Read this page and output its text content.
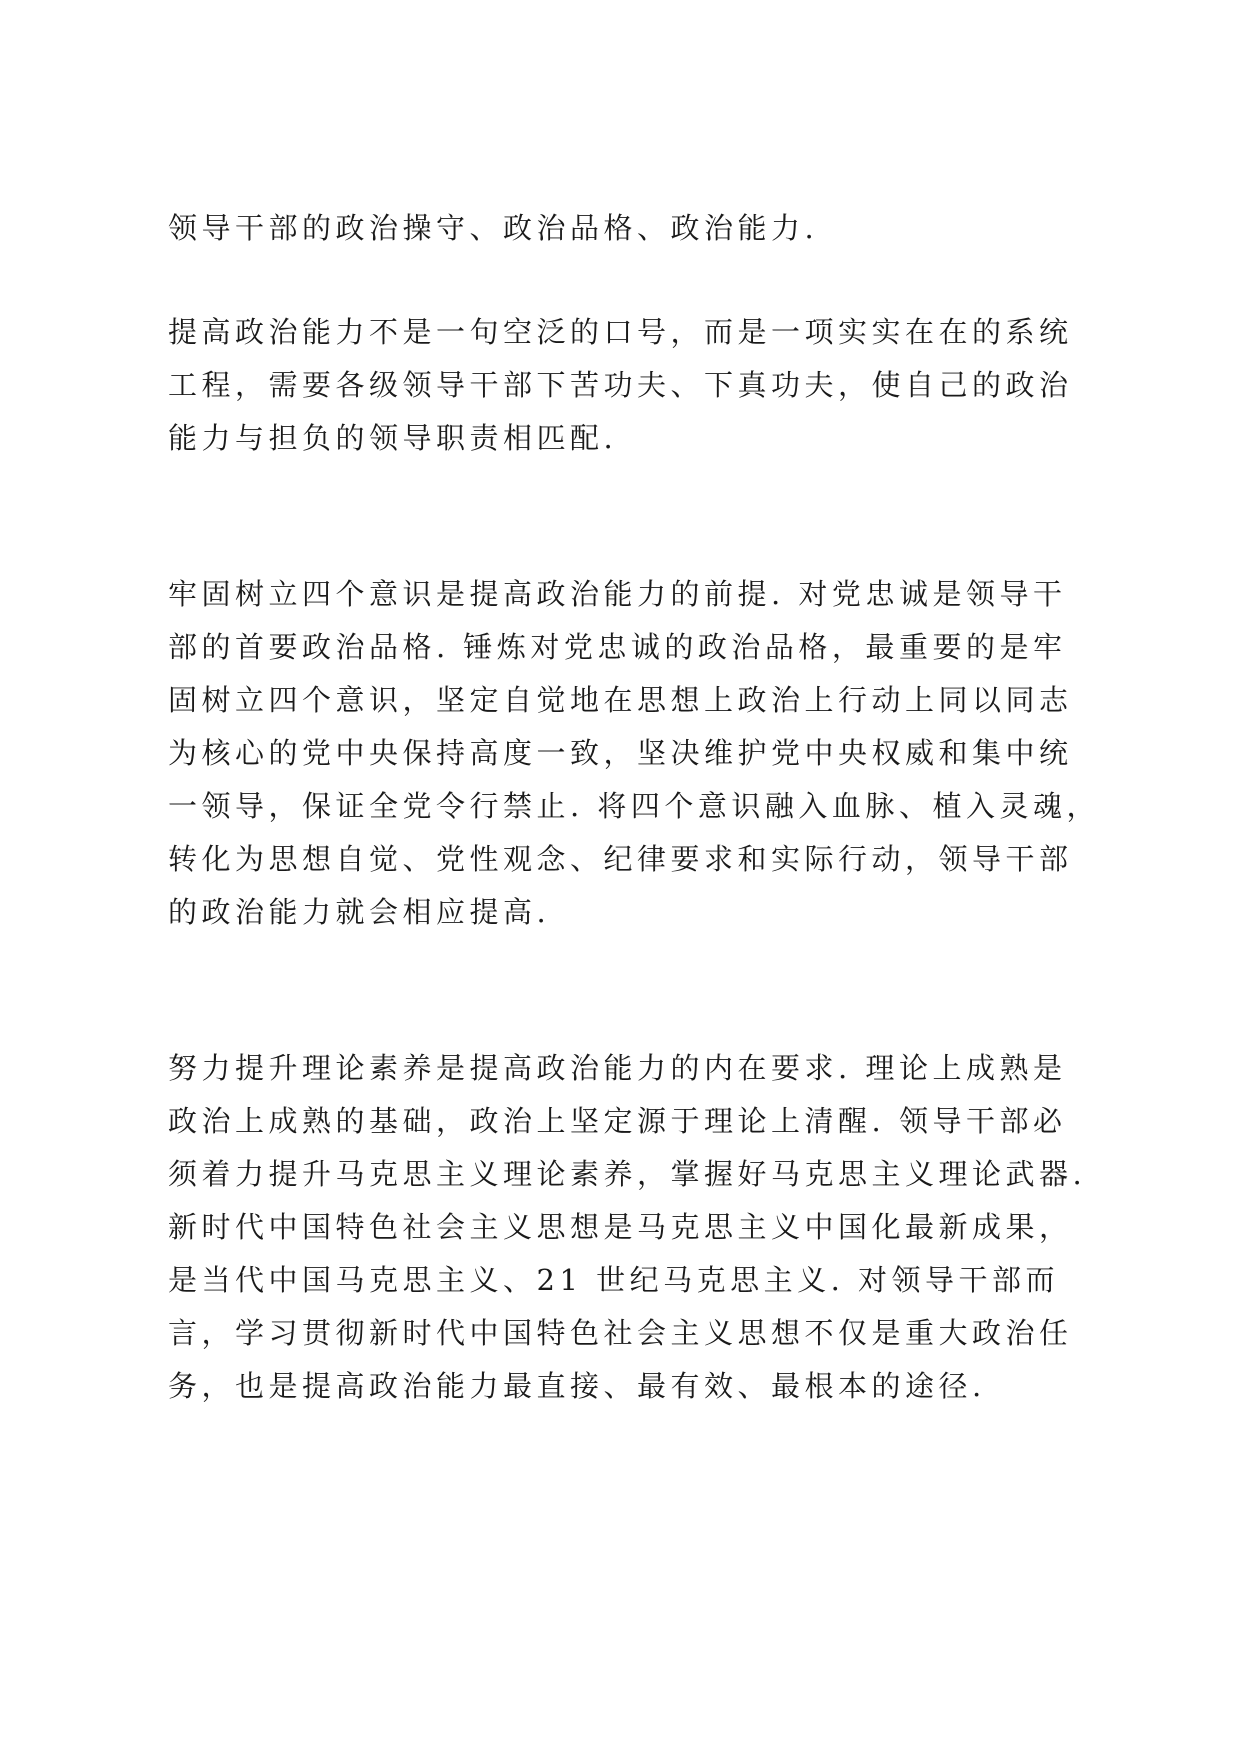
领导干部的政治操守、政治品格、政治能力.

提高政治能力不是一句空泛的口号，而是一项实实在在的系统

工程，需要各级领导干部下苦功夫、下真功夫，使自己的政治

能力与担负的领导职责相匹配.

牢固树立四个意识是提高政治能力的前提. 对党忠诚是领导干

部的首要政治品格. 锤炼对党忠诚的政治品格，最重要的是牢

固树立四个意识，坚定自觉地在思想上政治上行动上同以同志

为核心的党中央保持高度一致，坚决维护党中央权威和集中统

一领导，保证全党令行禁止. 将四个意识融入血脉、植入灵魂，

转化为思想自觉、党性观念、纪律要求和实际行动，领导干部

的政治能力就会相应提高.

努力提升理论素养是提高政治能力的内在要求. 理论上成熟是

政治上成熟的基础，政治上坚定源于理论上清醒. 领导干部必

须着力提升马克思主义理论素养，掌握好马克思主义理论武器.

新时代中国特色社会主义思想是马克思主义中国化最新成果，

是当代中国马克思主义、21 世纪马克思主义. 对领导干部而

言，学习贯彻新时代中国特色社会主义思想不仅是重大政治任

务，也是提高政治能力最直接、最有效、最根本的途径.
